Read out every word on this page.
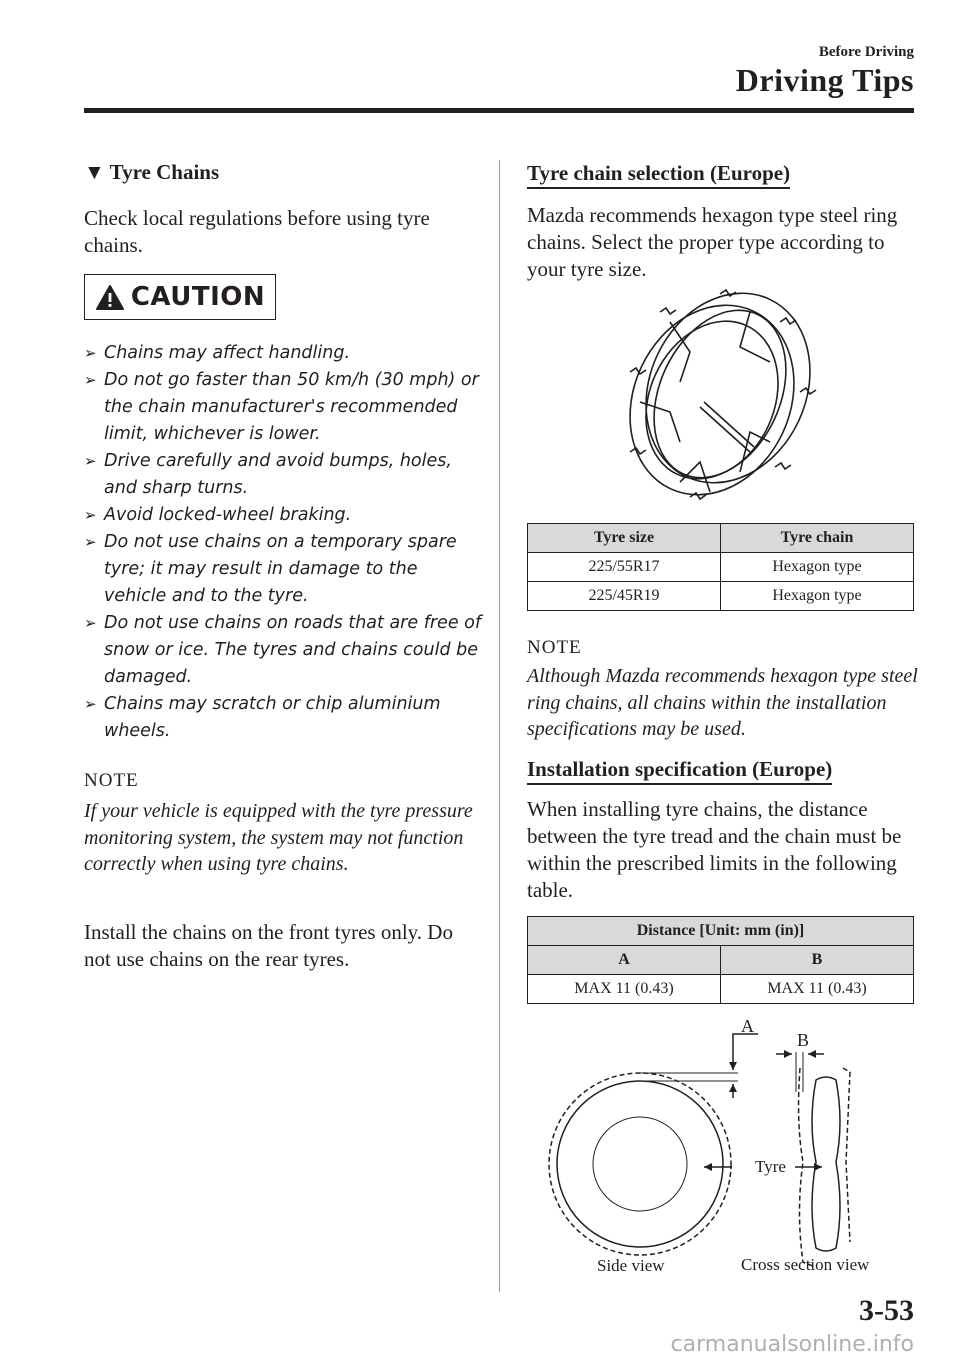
Before Driving
Driving Tips
▼ Tyre Chains
Check local regulations before using tyre chains.
CAUTION
➢ Chains may affect handling.
➢ Do not go faster than 50 km/h (30 mph) or the chain manufacturer's recommended limit, whichever is lower.
➢ Drive carefully and avoid bumps, holes, and sharp turns.
➢ Avoid locked-wheel braking.
➢ Do not use chains on a temporary spare tyre; it may result in damage to the vehicle and to the tyre.
➢ Do not use chains on roads that are free of snow or ice. The tyres and chains could be damaged.
➢ Chains may scratch or chip aluminium wheels.
NOTE
If your vehicle is equipped with the tyre pressure monitoring system, the system may not function correctly when using tyre chains.
Install the chains on the front tyres only. Do not use chains on the rear tyres.
Tyre chain selection (Europe)
Mazda recommends hexagon type steel ring chains. Select the proper type according to your tyre size.
Tyre size	Tyre chain
225/55R17	Hexagon type
225/45R19	Hexagon type
NOTE
Although Mazda recommends hexagon type steel ring chains, all chains within the installation specifications may be used.
Installation specification (Europe)
When installing tyre chains, the distance between the tyre tread and the chain must be within the prescribed limits in the following table.
Distance [Unit: mm (in)]	
A	B
MAX 11 (0.43)	MAX 11 (0.43)
A
B
Tyre
Side view	Cross section view
3-53
carmanualsonline.info
